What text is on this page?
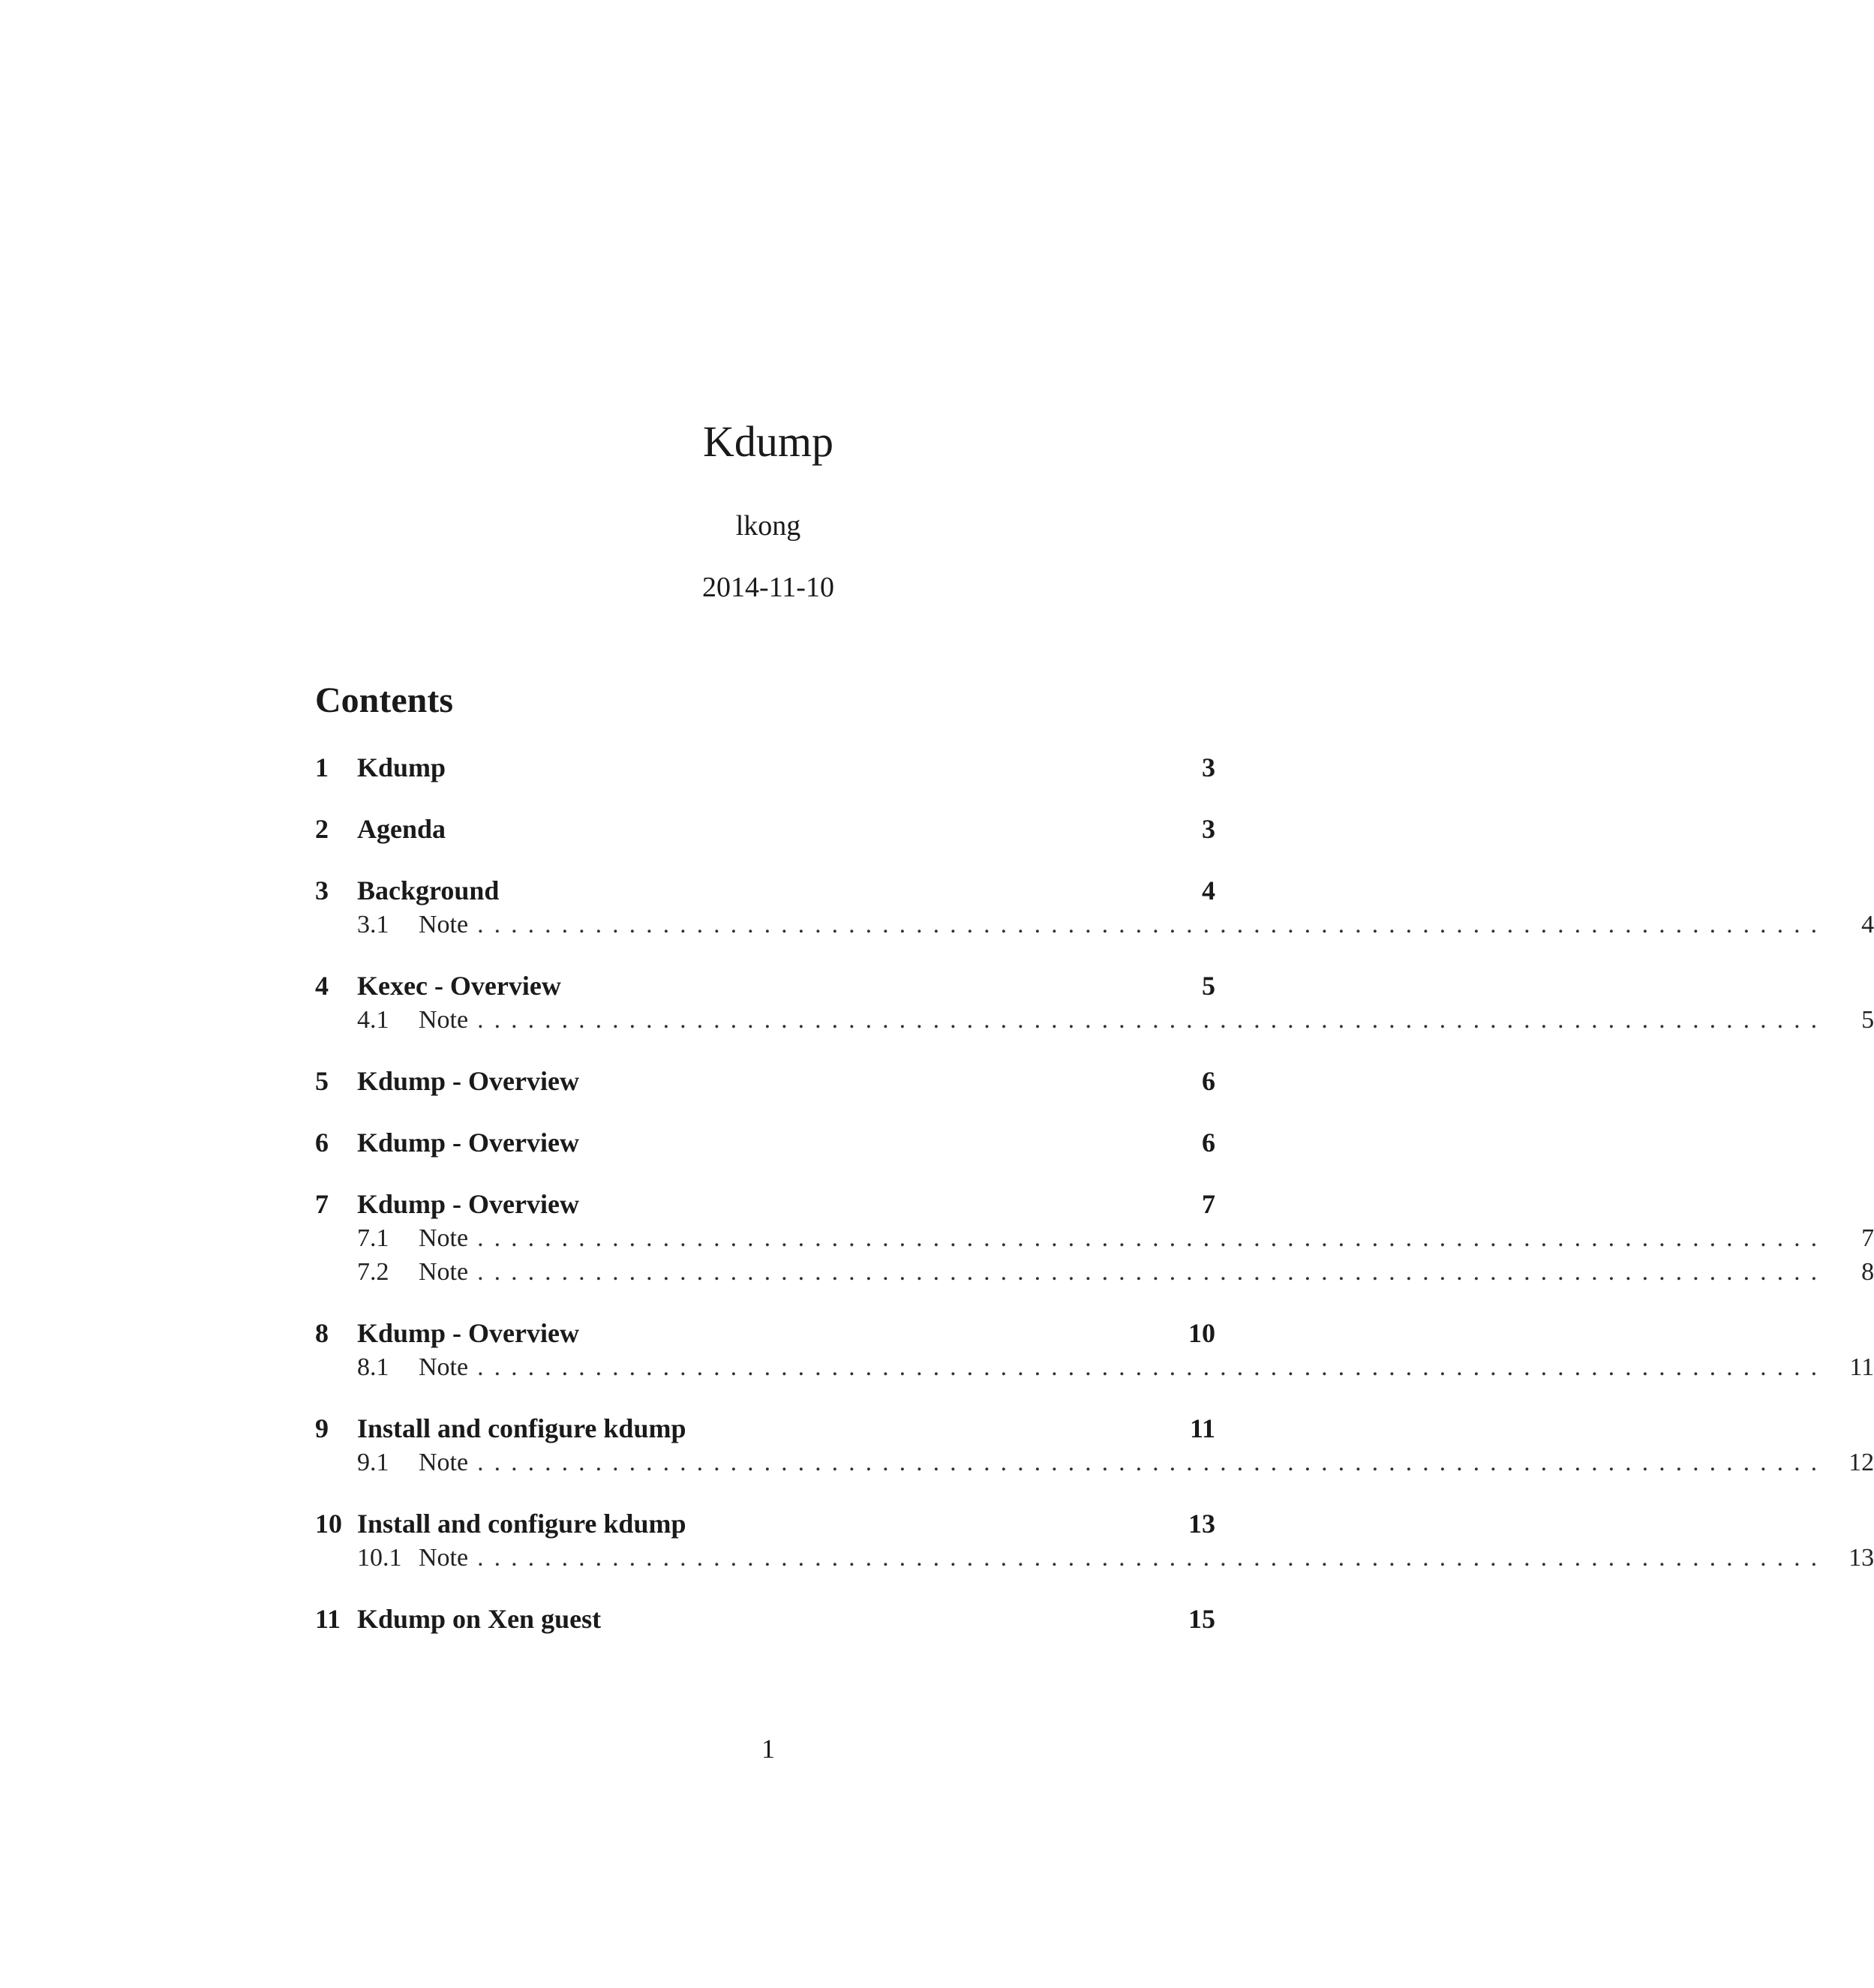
Kdump
lkong
2014-11-10
Contents
1	Kdump	3
2	Agenda	3
3	Background	4
3.1	Note ................................................................................	4
4	Kexec - Overview	5
4.1	Note ................................................................................	5
5	Kdump - Overview	6
6	Kdump - Overview	6
7	Kdump - Overview	7
7.1	Note ................................................................................	7
7.2	Note ................................................................................	8
8	Kdump - Overview	10
8.1	Note ................................................................................ 11
9	Install and configure kdump	11
9.1	Note ................................................................................ 12
10 Install and configure kdump	13
10.1 Note ................................................................................ 13
11 Kdump on Xen guest	15
1
